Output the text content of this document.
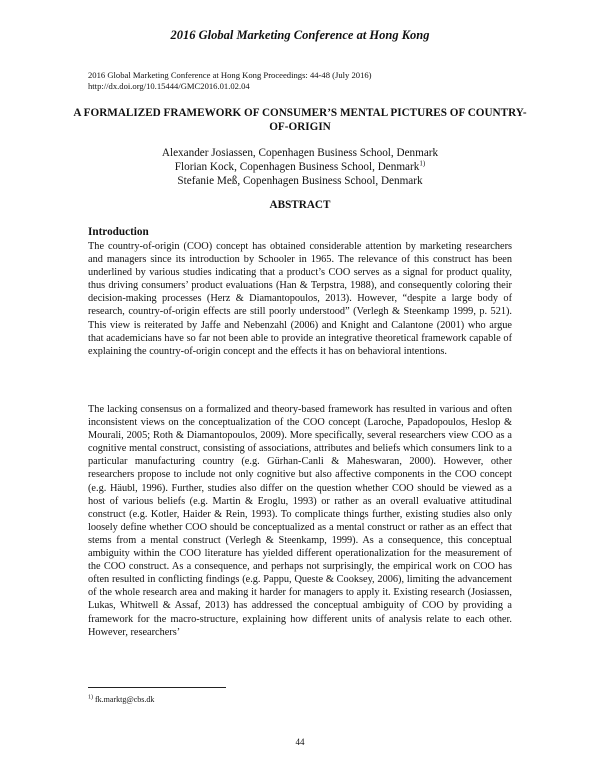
2016 Global Marketing Conference at Hong Kong
2016 Global Marketing Conference at Hong Kong Proceedings: 44-48 (July 2016)
http://dx.doi.org/10.15444/GMC2016.01.02.04
A FORMALIZED FRAMEWORK OF CONSUMER’S MENTAL PICTURES OF COUNTRY-OF-ORIGIN
Alexander Josiassen, Copenhagen Business School, Denmark
Florian Kock, Copenhagen Business School, Denmark$^{1)}$
Stefanie Meß, Copenhagen Business School, Denmark
ABSTRACT
Introduction

The country-of-origin (COO) concept has obtained considerable attention by marketing researchers and managers since its introduction by Schooler in 1965. The relevance of this construct has been underlined by various studies indicating that a product’s COO serves as a signal for product quality, thus driving consumers’ product evaluations (Han & Terpstra, 1988), and consequently coloring their decision-making processes (Herz & Diamantopoulos, 2013). However, “despite a large body of research, country-of-origin effects are still poorly understood” (Verlegh & Steenkamp 1999, p. 521). This view is reiterated by Jaffe and Nebenzahl (2006) and Knight and Calantone (2001) who argue that academicians have so far not been able to provide an integrative theoretical framework capable of explaining the country-of-origin concept and the effects it has on behavioral intentions.

The lacking consensus on a formalized and theory-based framework has resulted in various and often inconsistent views on the conceptualization of the COO concept (Laroche, Papadopoulos, Heslop & Mourali, 2005; Roth & Diamantopoulos, 2009). More specifically, several researchers view COO as a cognitive mental construct, consisting of associations, attributes and beliefs which consumers link to a particular manufacturing country (e.g. Gürhan-Canli & Maheswaran, 2000). However, other researchers propose to include not only cognitive but also affective components in the COO concept (e.g. Häubl, 1996). Further, studies also differ on the question whether COO should be viewed as a host of various beliefs (e.g. Martin & Eroglu, 1993) or rather as an overall evaluative attitudinal construct (e.g. Kotler, Haider & Rein, 1993). To complicate things further, existing studies also only loosely define whether COO should be conceptualized as a mental construct or rather as an effect that stems from a mental construct (Verlegh & Steenkamp, 1999). As a consequence, this conceptual ambiguity within the COO literature has yielded different operationalization for the measurement of the COO construct. As a consequence, and perhaps not surprisingly, the empirical work on COO has often resulted in conflicting findings (e.g. Pappu, Queste & Cooksey, 2006), limiting the advancement of the whole research area and making it harder for managers to apply it. Existing research (Josiassen, Lukas, Whitwell & Assaf, 2013) has addressed the conceptual ambiguity of COO by providing a framework for the macro-structure, explaining how different units of analysis relate to each other. However, researchers’

$^{1)}$ fk.marktg@cbs.dk
44
